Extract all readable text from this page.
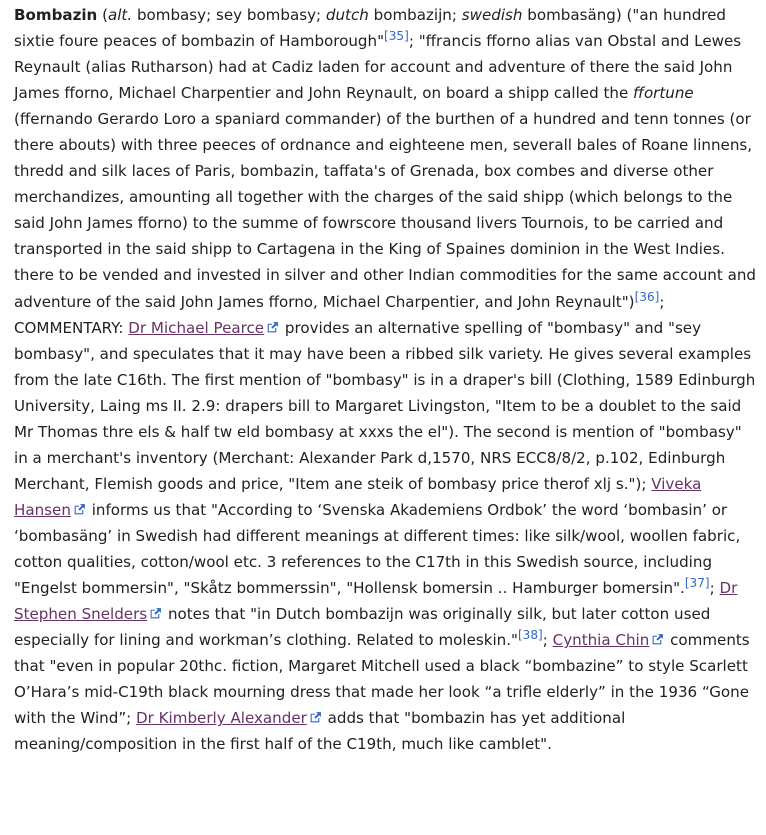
Bombazin (alt. bombasy; sey bombasy; dutch bombazijn; swedish bombasäng) ("an hundred sixtie foure peaces of bombazin of Hamborough"[35]; "ffrancis fforno alias van Obstal and Lewes Reynault (alias Rutharson) had at Cadiz laden for account and adventure of there the said John James fforno, Michael Charpentier and John Reynault, on board a shipp called the ffortune (ffernando Gerardo Loro a spaniard commander) of the burthen of a hundred and tenn tonnes (or there abouts) with three peeces of ordnance and eighteene men, severall bales of Roane linnens, thredd and silk laces of Paris, bombazin, taffata's of Grenada, box combes and diverse other merchandizes, amounting all together with the charges of the said shipp (which belongs to the said John James fforno) to the summe of fowrscore thousand livers Tournois, to be carried and transported in the said shipp to Cartagena in the King of Spaines dominion in the West Indies. there to be vended and invested in silver and other Indian commodities for the same account and adventure of the said John James fforno, Michael Charpentier, and John Reynault")[36]; COMMENTARY: Dr Michael Pearce provides an alternative spelling of "bombasy" and "sey bombasy", and speculates that it may have been a ribbed silk variety. He gives several examples from the late C16th. The first mention of "bombasy" is in a draper's bill (Clothing, 1589 Edinburgh University, Laing ms II. 2.9: drapers bill to Margaret Livingston, "Item to be a doublet to the said Mr Thomas thre els & half tw eld bombasy at xxxs the el"). The second is mention of "bombasy" in a merchant's inventory (Merchant: Alexander Park d,1570, NRS ECC8/8/2, p.102, Edinburgh Merchant, Flemish goods and price, "Item ane steik of bombasy price therof xlj s."); Viveka Hansen informs us that "According to ‘Svenska Akademiens Ordbok’ the word ‘bombasin’ or ‘bombasäng’ in Swedish had different meanings at different times: like silk/wool, woollen fabric, cotton qualities, cotton/wool etc. 3 references to the C17th in this Swedish source, including "Engelst bommersin", "Skåtz bommerssin", "Hollensk bomersin .. Hamburger bomersin".[37]; Dr Stephen Snelders notes that "in Dutch bombazijn was originally silk, but later cotton used especially for lining and workman’s clothing. Related to moleskin."[38]; Cynthia Chin comments that "even in popular 20thc. fiction, Margaret Mitchell used a black “bombazine” to style Scarlett O’Hara’s mid-C19th black mourning dress that made her look “a trifle elderly” in the 1936 “Gone with the Wind”; Dr Kimberly Alexander adds that "bombazin has yet additional meaning/composition in the first half of the C19th, much like camblet".
